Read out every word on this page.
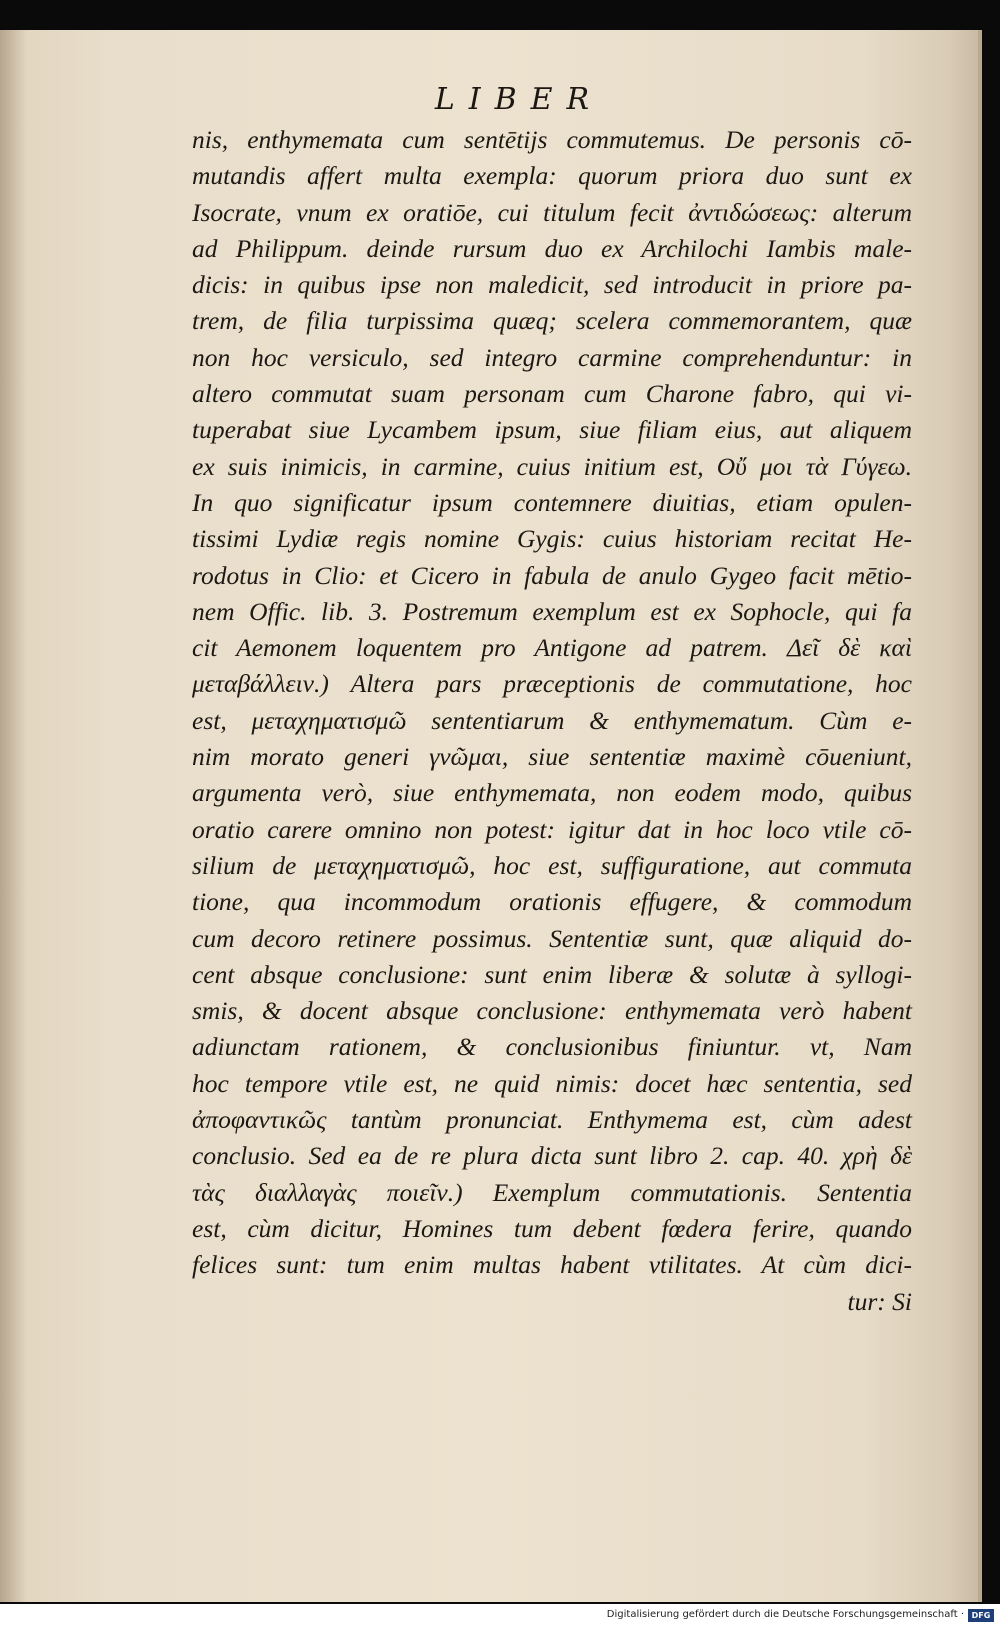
LIBER
nis, enthymemata cum sentētijs commutemus. De personis cō-
mutandis affert multa exempla: quorum priora duo sunt ex
Isocrate, vnum ex oratiōe, cui titulum fecit ἀντιδώσεως: alterum
ad Philippum. deinde rursum duo ex Archilochi Iambis male-
dicis: in quibus ipse non maledicit, sed introducit in priore pa-
trem, de filia turpissima quæq; scelera commemorantem, quæ
non hoc versiculo, sed integro carmine comprehenduntur: in
altero commutat suam personam cum Charone fabro, qui vi-
tuperabat siue Lycambem ipsum, siue filiam eius, aut aliquem
ex suis inimicis, in carmine, cuius initium est, Οὔ μοι τὰ Γύγεω.
In quo significatur ipsum contemnere diuitias, etiam opulen-
tissimi Lydiæ regis nomine Gygis: cuius historiam recitat He-
rodotus in Clio: et Cicero in fabula de anulo Gygeo facit mētio-
nem Offic. lib. 3. Postremum exemplum est ex Sophocle, qui fa
cit Aemonem loquentem pro Antigone ad patrem. Δεῖ δὲ καὶ
μεταβάλλειν.) Altera pars præceptionis de commutatione, hoc
est, μεταχηματισμῶ sententiarum & enthymematum. Cùm e-
nim morato generi γνῶμαι, siue sententiæ maximè cōueniunt,
argumenta verò, siue enthymemata, non eodem modo, quibus
oratio carere omnino non potest: igitur dat in hoc loco vtile cō-
silium de μεταχηματισμῶ, hoc est, suffiguratione, aut commuta
tione, qua incommodum orationis effugere, & commodum
cum decoro retinere possimus. Sententiæ sunt, quæ aliquid do-
cent absque conclusione: sunt enim liberæ & solutæ à syllogi-
smis, & docent absque conclusione: enthymemata verò habent
adiunctam rationem, & conclusionibus finiuntur. vt, Nam
hoc tempore vtile est, ne quid nimis: docet hæc sententia, sed
ἀποφαντικῶς tantùm pronunciat. Enthymema est, cùm adest
conclusio. Sed ea de re plura dicta sunt libro 2. cap. 40. χρὴ δὲ
τὰς διαλλαγὰς ποιεῖν.) Exemplum commutationis. Sententia
est, cùm dicitur, Homines tum debent fœdera ferire, quando
felices sunt: tum enim multas habent vtilitates. At cùm dici-
tur: Si
Digitalisierung gefördert durch die Deutsche Forschungsgemeinschaft · DFG
